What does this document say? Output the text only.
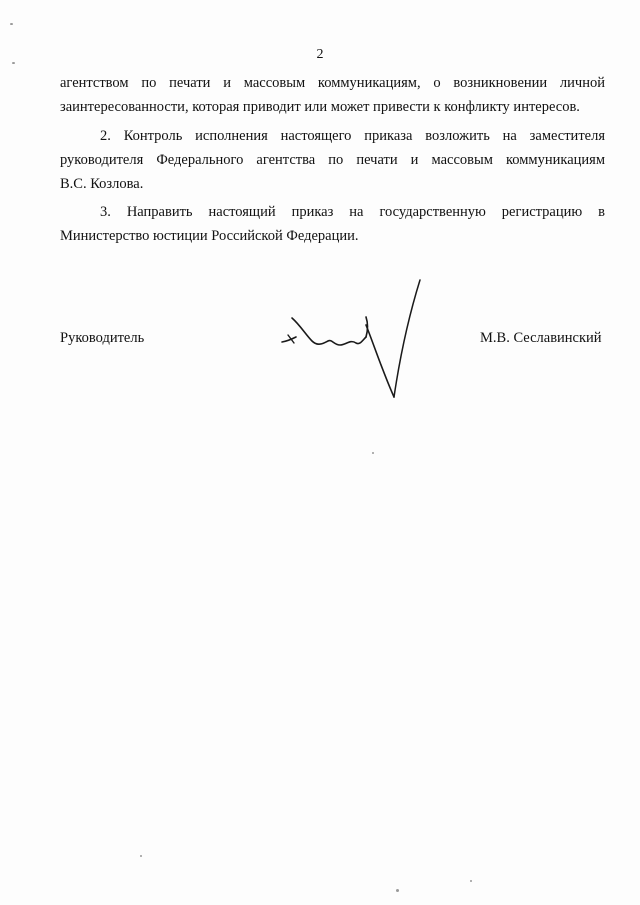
2
агентством по печати и массовым коммуникациям, о возникновении личной
заинтересованности, которая приводит или может привести к конфликту интересов.
2. Контроль исполнения настоящего приказа возложить на заместителя
руководителя Федерального агентства по печати и массовым коммуникациям
В.С. Козлова.
3. Направить настоящий приказ на государственную регистрацию в
Министерство юстиции Российской Федерации.
Руководитель	М.В. Сеславинский
